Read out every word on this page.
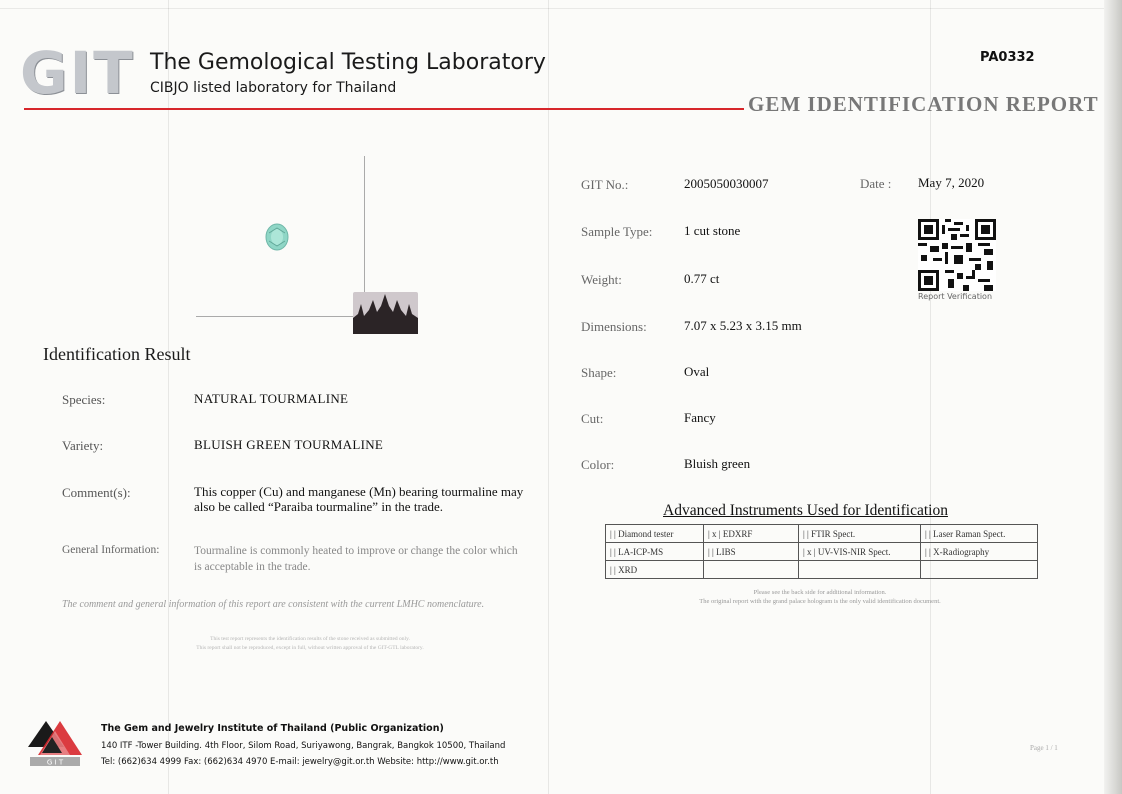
GIT The Gemological Testing Laboratory
CIBJO listed laboratory for Thailand
GEM IDENTIFICATION REPORT
PA0332
Identification Result
Species:	NATURAL TOURMALINE
Variety:	BLUISH GREEN TOURMALINE
Comment(s):	This copper (Cu) and manganese (Mn) bearing tourmaline may also be called “Paraiba tourmaline” in the trade.
General Information:	Tourmaline is commonly heated to improve or change the color which is acceptable in the trade.
The comment and general information of this report are consistent with the current LMHC nomenclature.
This test report represents the identification results of the stone received as submitted only.
This report shall not be reproduced, except in full, without written approval of the GIT-GTL laboratory.
GIT No.:	2005050030007	Date : May 7, 2020
Report Verification
Sample Type: 1 cut stone
Weight:	0.77 ct
Dimensions:	7.07 x 5.23 x 3.15 mm
Shape:	Oval
Cut:	Fancy
Color:	Bluish green
Advanced Instruments Used for Identification
| | Diamond tester	| x | EDXRF	| | FTIR Spect.	| | Laser Raman Spect.
| | LA-ICP-MS	| | LIBS	| x | UV-VIS-NIR Spect.	| | X-Radiography
| | XRD			
Please see the back side for additional information.
The original report with the grand palace hologram is the only valid identification document.
G I T
The Gem and Jewelry Institute of Thailand (Public Organization)
140 ITF -Tower Building. 4th Floor, Silom Road, Suriyawong, Bangrak, Bangkok 10500, Thailand
Tel: (662)634 4999 Fax: (662)634 4970 E-mail: jewelry@git.or.th Website: http://www.git.or.th
Page 1 / 1
